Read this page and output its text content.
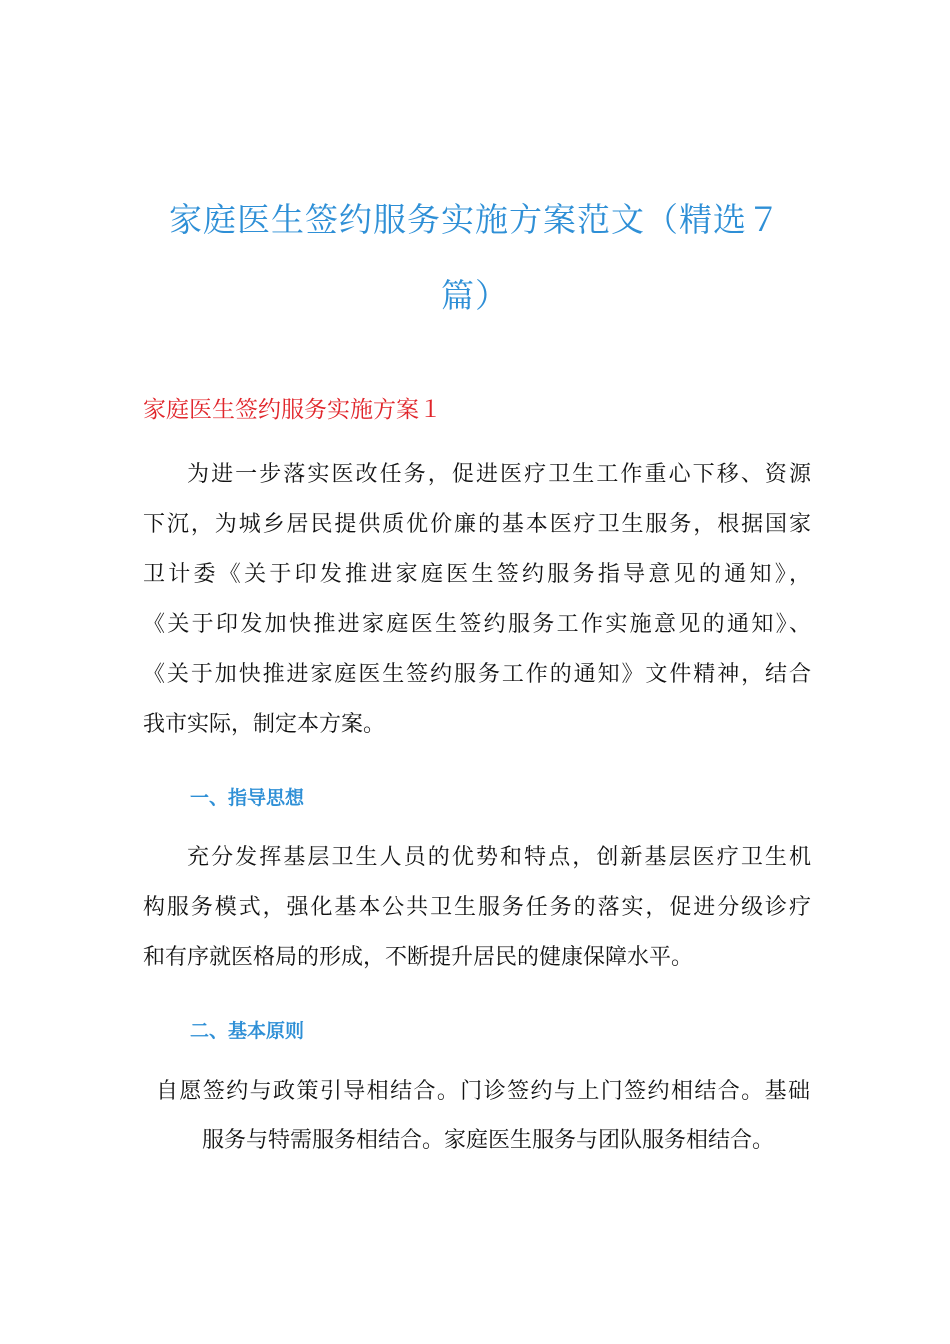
家庭医生签约服务实施方案范文（精选７
篇）
家庭医生签约服务实施方案１
为进一步落实医改任务，促进医疗卫生工作重心下移、资源
下沉，为城乡居民提供质优价廉的基本医疗卫生服务，根据国家
卫计委《关于印发推进家庭医生签约服务指导意见的通知》，
《关于印发加快推进家庭医生签约服务工作实施意见的通知》、
《关于加快推进家庭医生签约服务工作的通知》文件精神，结合
我市实际，制定本方案。
一、指导思想
充分发挥基层卫生人员的优势和特点，创新基层医疗卫生机
构服务模式，强化基本公共卫生服务任务的落实，促进分级诊疗
和有序就医格局的形成，不断提升居民的健康保障水平。
二、基本原则

自愿签约与政策引导相结合。门诊签约与上门签约相结合。基础

服务与特需服务相结合。家庭医生服务与团队服务相结合。
